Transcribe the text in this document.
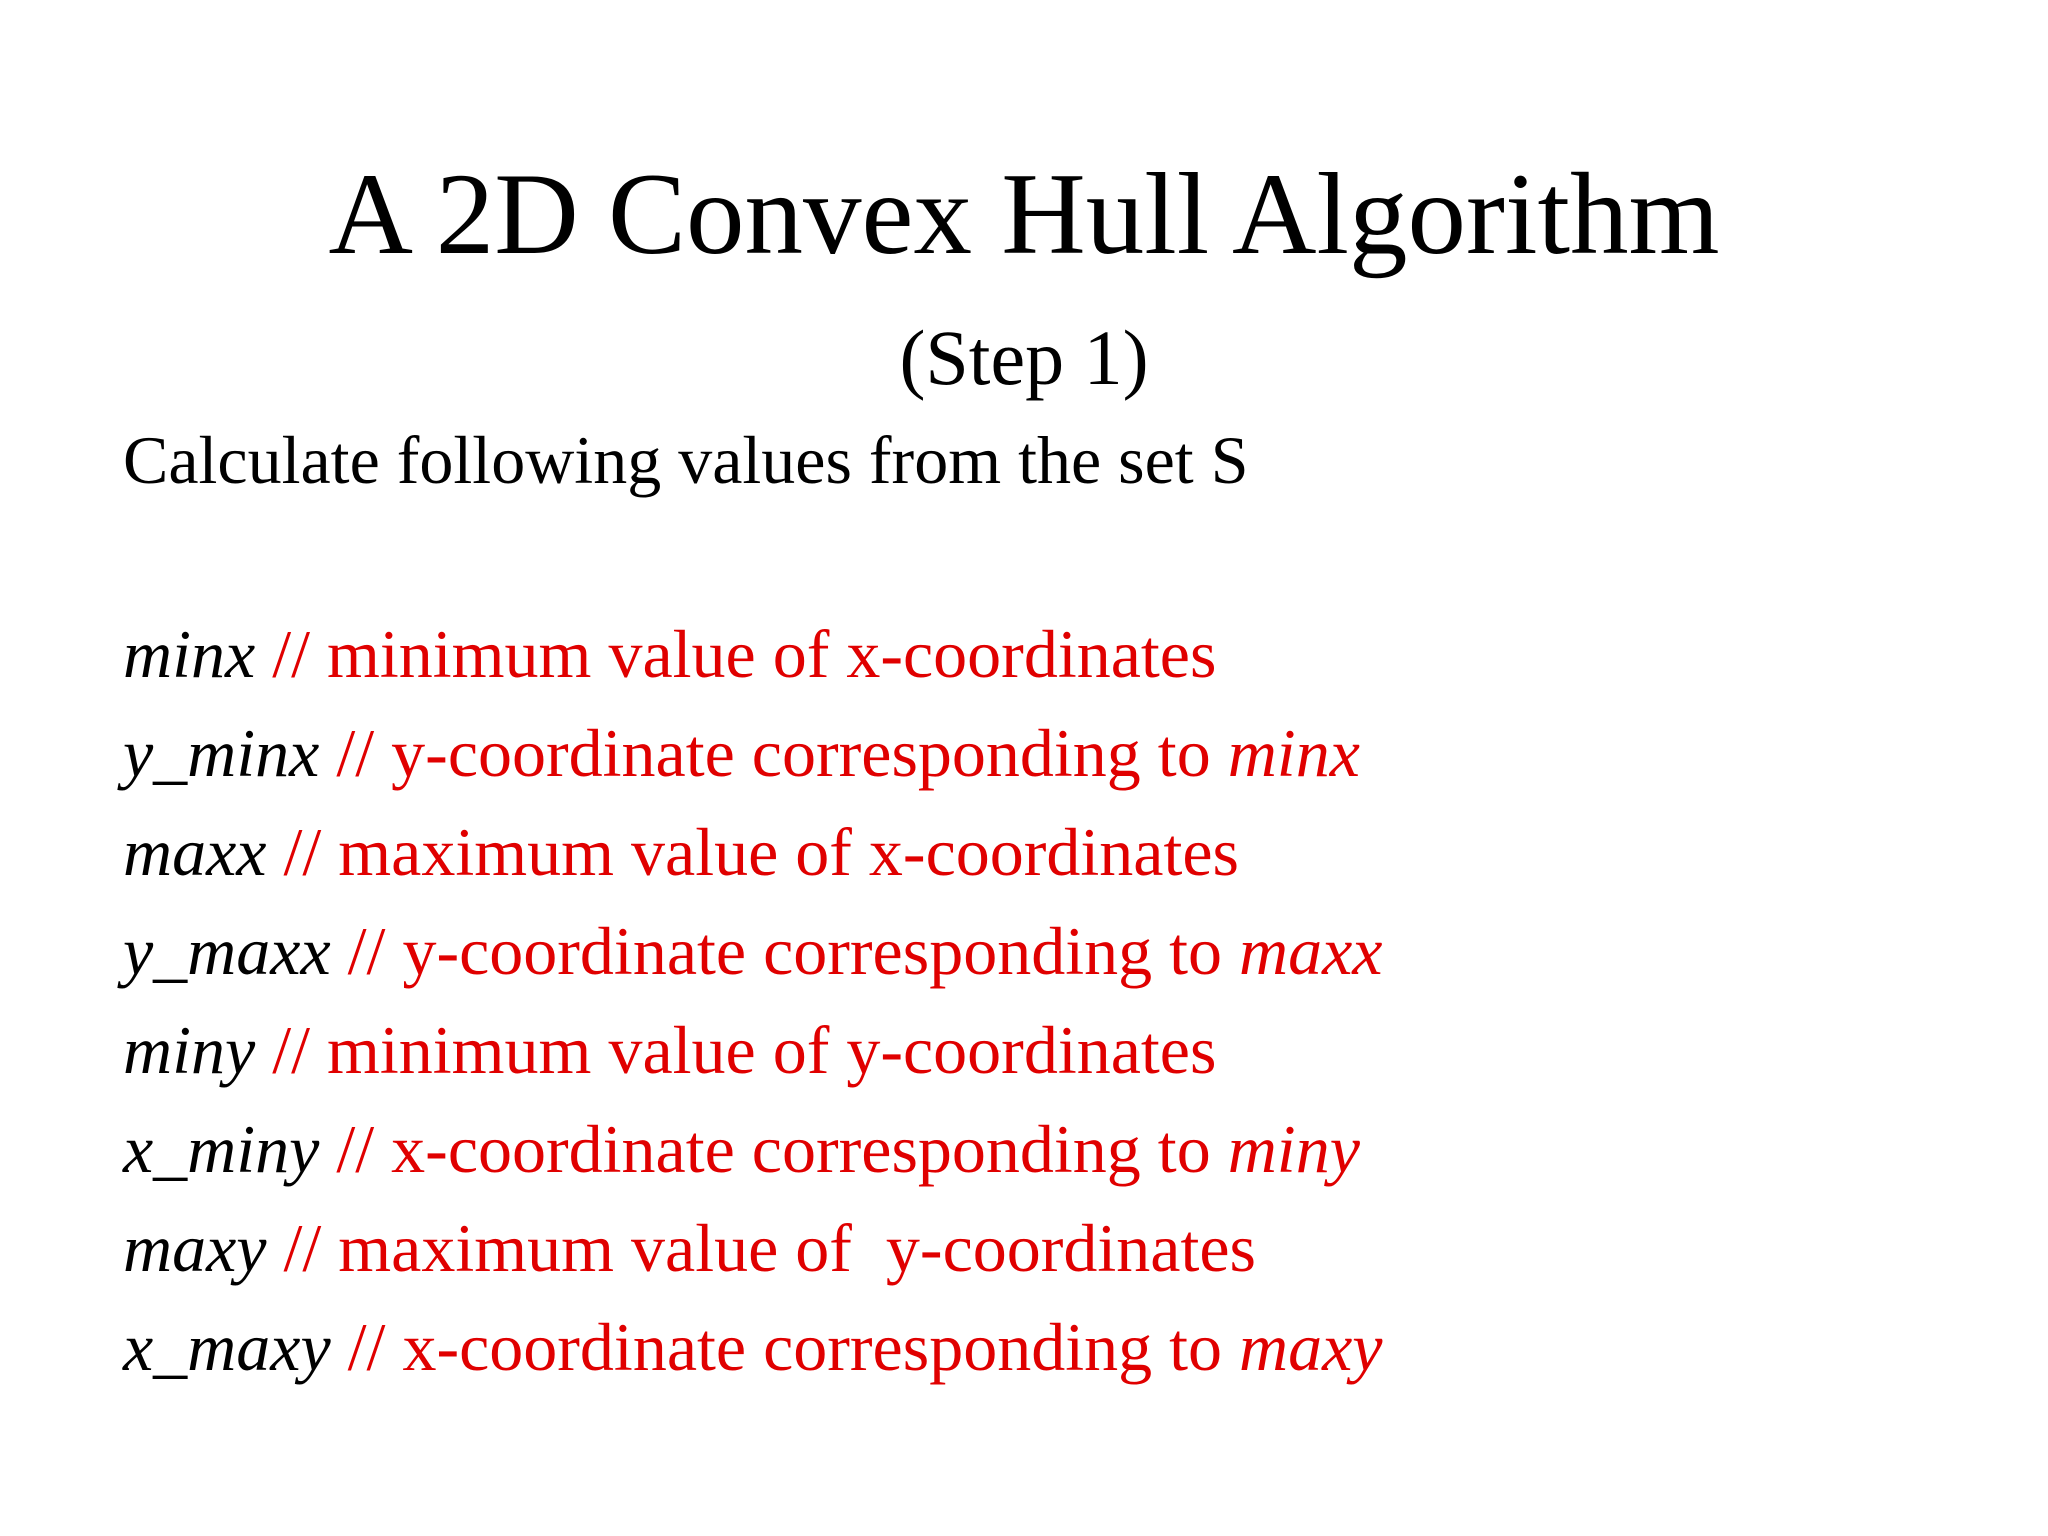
A 2D Convex Hull Algorithm
(Step 1)
Calculate following values from the set S
minx // minimum value of x-coordinates
y_minx // y-coordinate corresponding to minx
maxx // maximum value of x-coordinates
y_maxx // y-coordinate corresponding to maxx
miny // minimum value of y-coordinates
x_miny // x-coordinate corresponding to miny
maxy // maximum value of  y-coordinates
x_maxy // x-coordinate corresponding to maxy
